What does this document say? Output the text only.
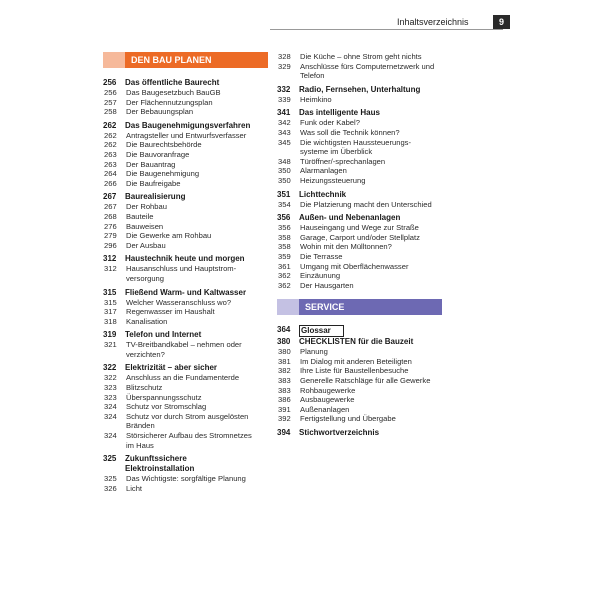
Inhaltsverzeichnis	9
DEN BAU PLANEN
256	Das öffentliche Baurecht
256	Das Baugesetzbuch BauGB
257	Der Flächennutzungsplan
258	Der Bebauungsplan
262	Das Baugenehmigungsverfahren
262	Antragsteller und Entwurfsverfasser
262	Die Baurechtsbehörde
263	Die Bauvoranfrage
263	Der Bauantrag
264	Die Baugenehmigung
266	Die Baufreigabe
267	Baurealisierung
267	Der Rohbau
268	Bauteile
276	Bauweisen
279	Die Gewerke am Rohbau
296	Der Ausbau
312	Haustechnik heute und morgen
312	Hausanschluss und Hauptstrom-
versorgung
315	Fließend Warm- und Kaltwasser
315	Welcher Wasseranschluss wo?
317	Regenwasser im Haushalt
318	Kanalisation
319	Telefon und Internet
321	TV-Breitbandkabel – nehmen oder
verzichten?
322	Elektrizität – aber sicher
322	Anschluss an die Fundamenterde
323	Blitzschutz
323	Überspannungsschutz
324	Schutz vor Stromschlag
324	Schutz vor durch Strom ausgelösten
Bränden
324	Störsicherer Aufbau des Stromnetzes
im Haus
325	Zukunftssichere
Elektroinstallation
325	Das Wichtigste: sorgfältige Planung
326	Licht
328	Die Küche – ohne Strom geht nichts
329	Anschlüsse fürs Computernetzwerk und
Telefon
332	Radio, Fernsehen, Unterhaltung
339	Heimkino
341	Das intelligente Haus
342	Funk oder Kabel?
343	Was soll die Technik können?
345	Die wichtigsten Haussteuerungs-
systeme im Überblick
348	Türöffner/-sprechanlagen
350	Alarmanlagen
350	Heizungssteuerung
351	Lichttechnik
354	Die Platzierung macht den Unterschied
356	Außen- und Nebenanlagen
356	Hauseingang und Wege zur Straße
358	Garage, Carport und/oder Stellplatz
358	Wohin mit den Mülltonnen?
359	Die Terrasse
361	Umgang mit Oberflächenwasser
362	Einzäunung
362	Der Hausgarten
SERVICE
364	Glossar
380	CHECKLISTEN für die Bauzeit
380	Planung
381	Im Dialog mit anderen Beteiligten
382	Ihre Liste für Baustellenbesuche
383	Generelle Ratschläge für alle Gewerke
383	Rohbaugewerke
386	Ausbaugewerke
391	Außenanlagen
392	Fertigstellung und Übergabe
394	Stichwortverzeichnis
